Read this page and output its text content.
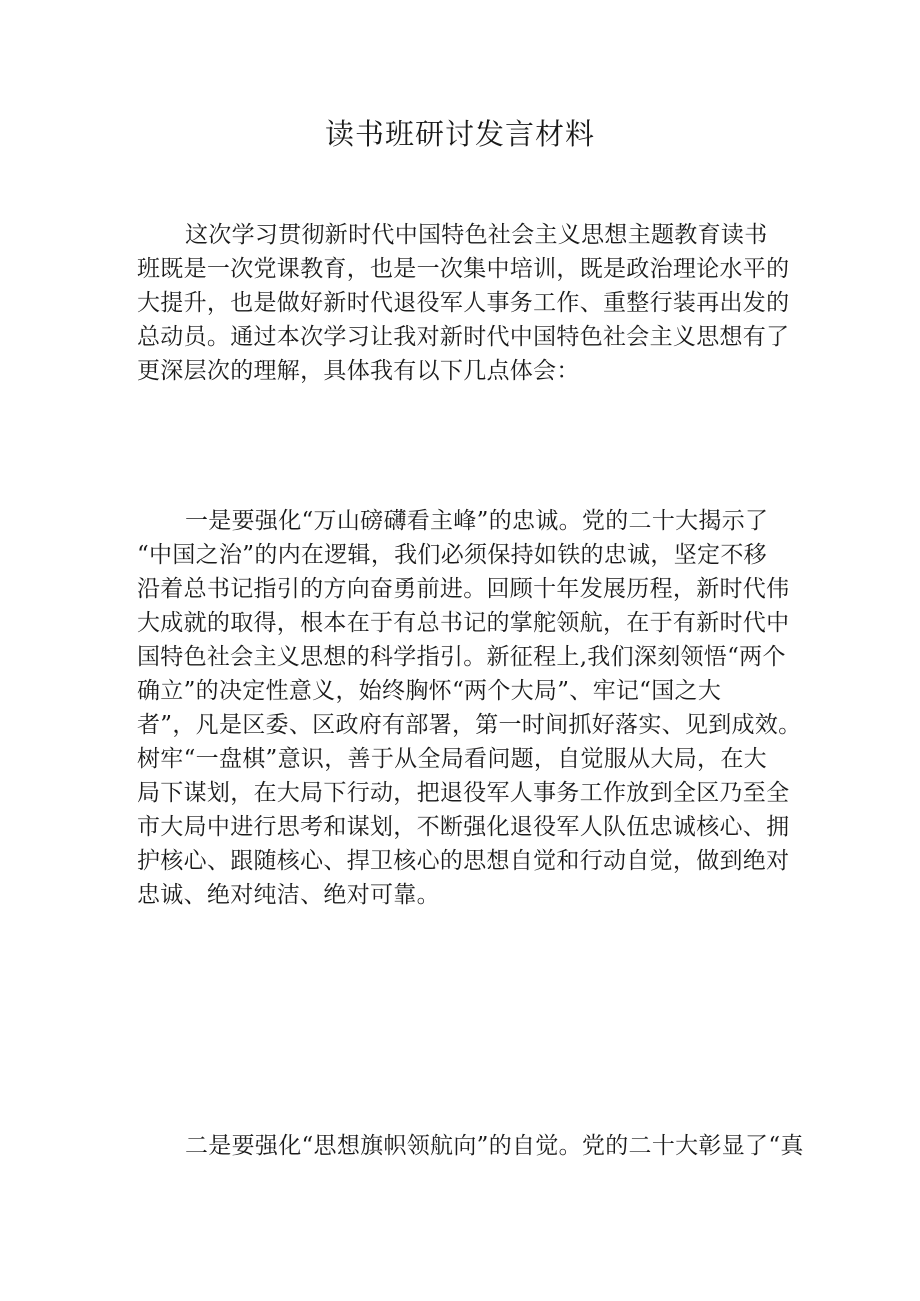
读书班研讨发言材料

这次学习贯彻新时代中国特色社会主义思想主题教育读书
班既是一次党课教育，也是一次集中培训，既是政治理论水平的
大提升，也是做好新时代退役军人事务工作、重整行装再出发的
总动员。通过本次学习让我对新时代中国特色社会主义思想有了
更深层次的理解，具体我有以下几点体会：

一是要强化“万山磅礴看主峰”的忠诚。党的二十大揭示了
“中国之治”的内在逻辑，我们必须保持如铁的忠诚，坚定不移
沿着总书记指引的方向奋勇前进。回顾十年发展历程，新时代伟
大成就的取得，根本在于有总书记的掌舵领航，在于有新时代中
国特色社会主义思想的科学指引。新征程上,我们深刻领悟“两个
确立”的决定性意义，始终胸怀“两个大局”、牢记“国之大
者”，凡是区委、区政府有部署，第一时间抓好落实、见到成效。
树牢“一盘棋”意识，善于从全局看问题，自觉服从大局，在大
局下谋划，在大局下行动，把退役军人事务工作放到全区乃至全
市大局中进行思考和谋划，不断强化退役军人队伍忠诚核心、拥
护核心、跟随核心、捍卫核心的思想自觉和行动自觉，做到绝对
忠诚、绝对纯洁、绝对可靠。

二是要强化“思想旗帜领航向”的自觉。党的二十大彰显了“真
